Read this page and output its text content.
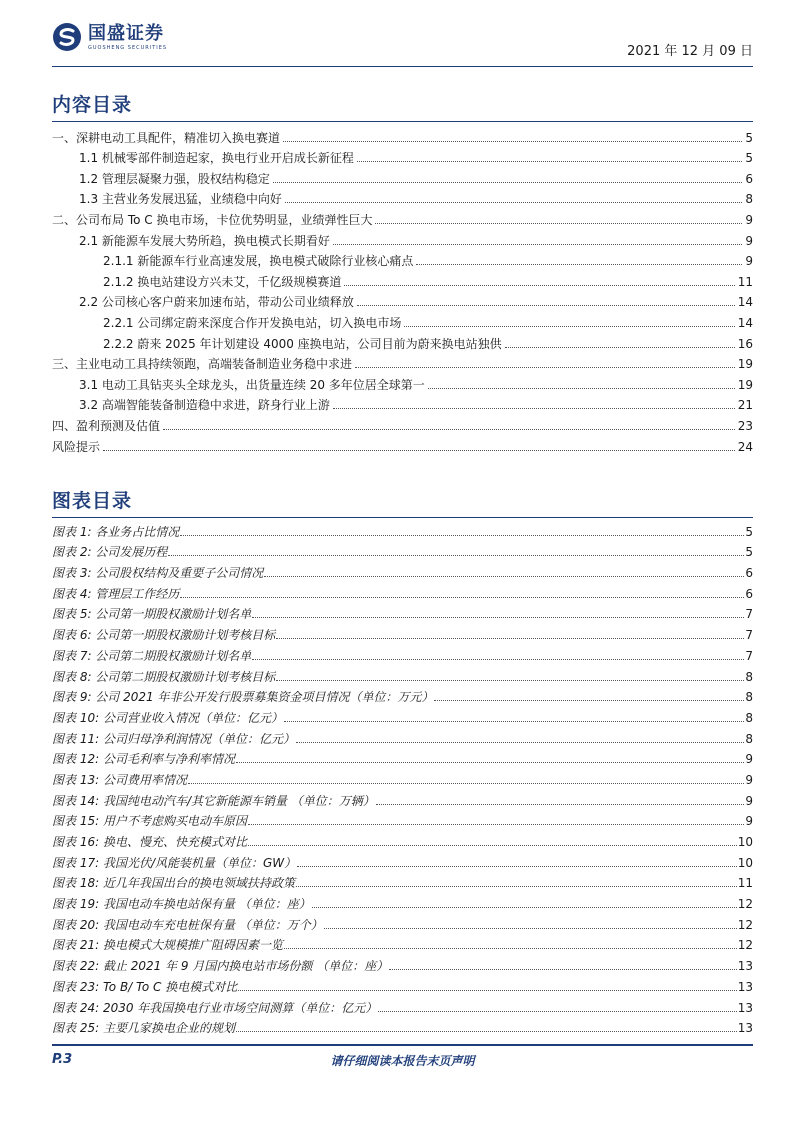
国盛证券
GUOSHENG SECURITIES	2021 年 12 月 09 日
内容目录
一、深耕电动工具配件，精准切入换电赛道	5
1.1 机械零部件制造起家，换电行业开启成长新征程	5
1.2 管理层凝聚力强，股权结构稳定	6
1.3 主营业务发展迅猛，业绩稳中向好	8
二、公司布局 To C 换电市场，卡位优势明显，业绩弹性巨大	9
2.1 新能源车发展大势所趋，换电模式长期看好	9
2.1.1 新能源车行业高速发展，换电模式破除行业核心痛点	9
2.1.2 换电站建设方兴未艾，千亿级规模赛道	11
2.2 公司核心客户蔚来加速布站，带动公司业绩释放	14
2.2.1 公司绑定蔚来深度合作开发换电站，切入换电市场	14
2.2.2 蔚来 2025 年计划建设 4000 座换电站，公司目前为蔚来换电站独供	16
三、主业电动工具持续领跑，高端装备制造业务稳中求进	19
3.1 电动工具钻夹头全球龙头，出货量连续 20 多年位居全球第一	19
3.2 高端智能装备制造稳中求进，跻身行业上游	21
四、盈利预测及估值	23
风险提示	24
图表目录
图表 1: 各业务占比情况	5
图表 2: 公司发展历程	5
图表 3: 公司股权结构及重要子公司情况	6
图表 4: 管理层工作经历	6
图表 5: 公司第一期股权激励计划名单	7
图表 6: 公司第一期股权激励计划考核目标	7
图表 7: 公司第二期股权激励计划名单	7
图表 8: 公司第二期股权激励计划考核目标	8
图表 9: 公司 2021 年非公开发行股票募集资金项目情况（单位：万元）	8
图表 10: 公司营业收入情况（单位：亿元）	8
图表 11: 公司归母净利润情况（单位：亿元）	8
图表 12: 公司毛利率与净利率情况	9
图表 13: 公司费用率情况	9
图表 14: 我国纯电动汽车/其它新能源车销量 （单位：万辆）	9
图表 15: 用户不考虑购买电动车原因	9
图表 16: 换电、慢充、快充模式对比	10
图表 17: 我国光伏/风能装机量（单位：GW）	10
图表 18: 近几年我国出台的换电领域扶持政策	11
图表 19: 我国电动车换电站保有量 （单位：座）	12
图表 20: 我国电动车充电桩保有量 （单位：万个）	12
图表 21: 换电模式大规模推广阻碍因素一览	12
图表 22: 截止 2021 年 9 月国内换电站市场份额 （单位：座）	13
图表 23: To B/ To C 换电模式对比	13
图表 24: 2030 年我国换电行业市场空间测算（单位：亿元）	13
图表 25: 主要几家换电企业的规划	13
P.3	请仔细阅读本报告末页声明
